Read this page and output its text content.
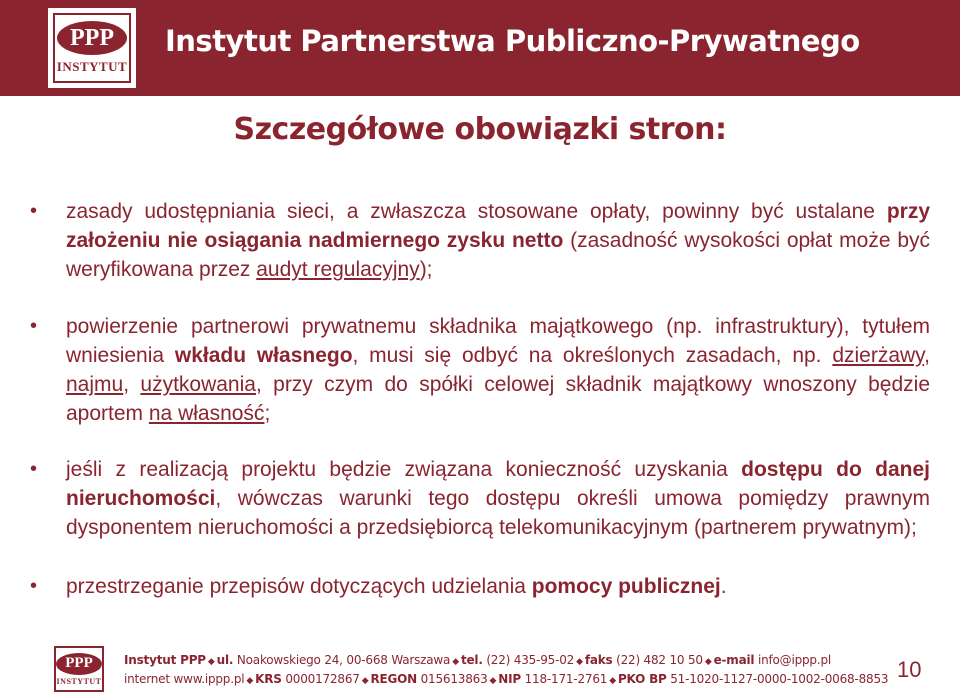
PPP
INSTYTUT
Instytut Partnerstwa Publiczno-Prywatnego
Szczegółowe obowiązki stron:
• zasady udostępniania sieci, a zwłaszcza stosowane opłaty, powinny być ustalane przy założeniu nie osiągania nadmiernego zysku netto (zasadność wysokości opłat może być weryfikowana przez audyt regulacyjny);
• powierzenie partnerowi prywatnemu składnika majątkowego (np. infrastruktury), tytułem wniesienia wkładu własnego, musi się odbyć na określonych zasadach, np. dzierżawy, najmu, użytkowania, przy czym do spółki celowej składnik majątkowy wnoszony będzie aportem na własność;
• jeśli z realizacją projektu będzie związana konieczność uzyskania dostępu do danej nieruchomości, wówczas warunki tego dostępu określi umowa pomiędzy prawnym dysponentem nieruchomości a przedsiębiorcą telekomunikacyjnym (partnerem prywatnym);
• przestrzeganie przepisów dotyczących udzielania pomocy publicznej.
PPP
INSTYTUT
Instytut PPP ◆ ul. Noakowskiego 24, 00-668 Warszawa ◆ tel. (22) 435-95-02 ◆ faks (22) 482 10 50 ◆ e-mail info@ippp.pl
internet www.ippp.pl ◆ KRS 0000172867 ◆ REGON 015613863 ◆ NIP 118-171-2761 ◆ PKO BP 51-1020-1127-0000-1002-0068-8853 10
